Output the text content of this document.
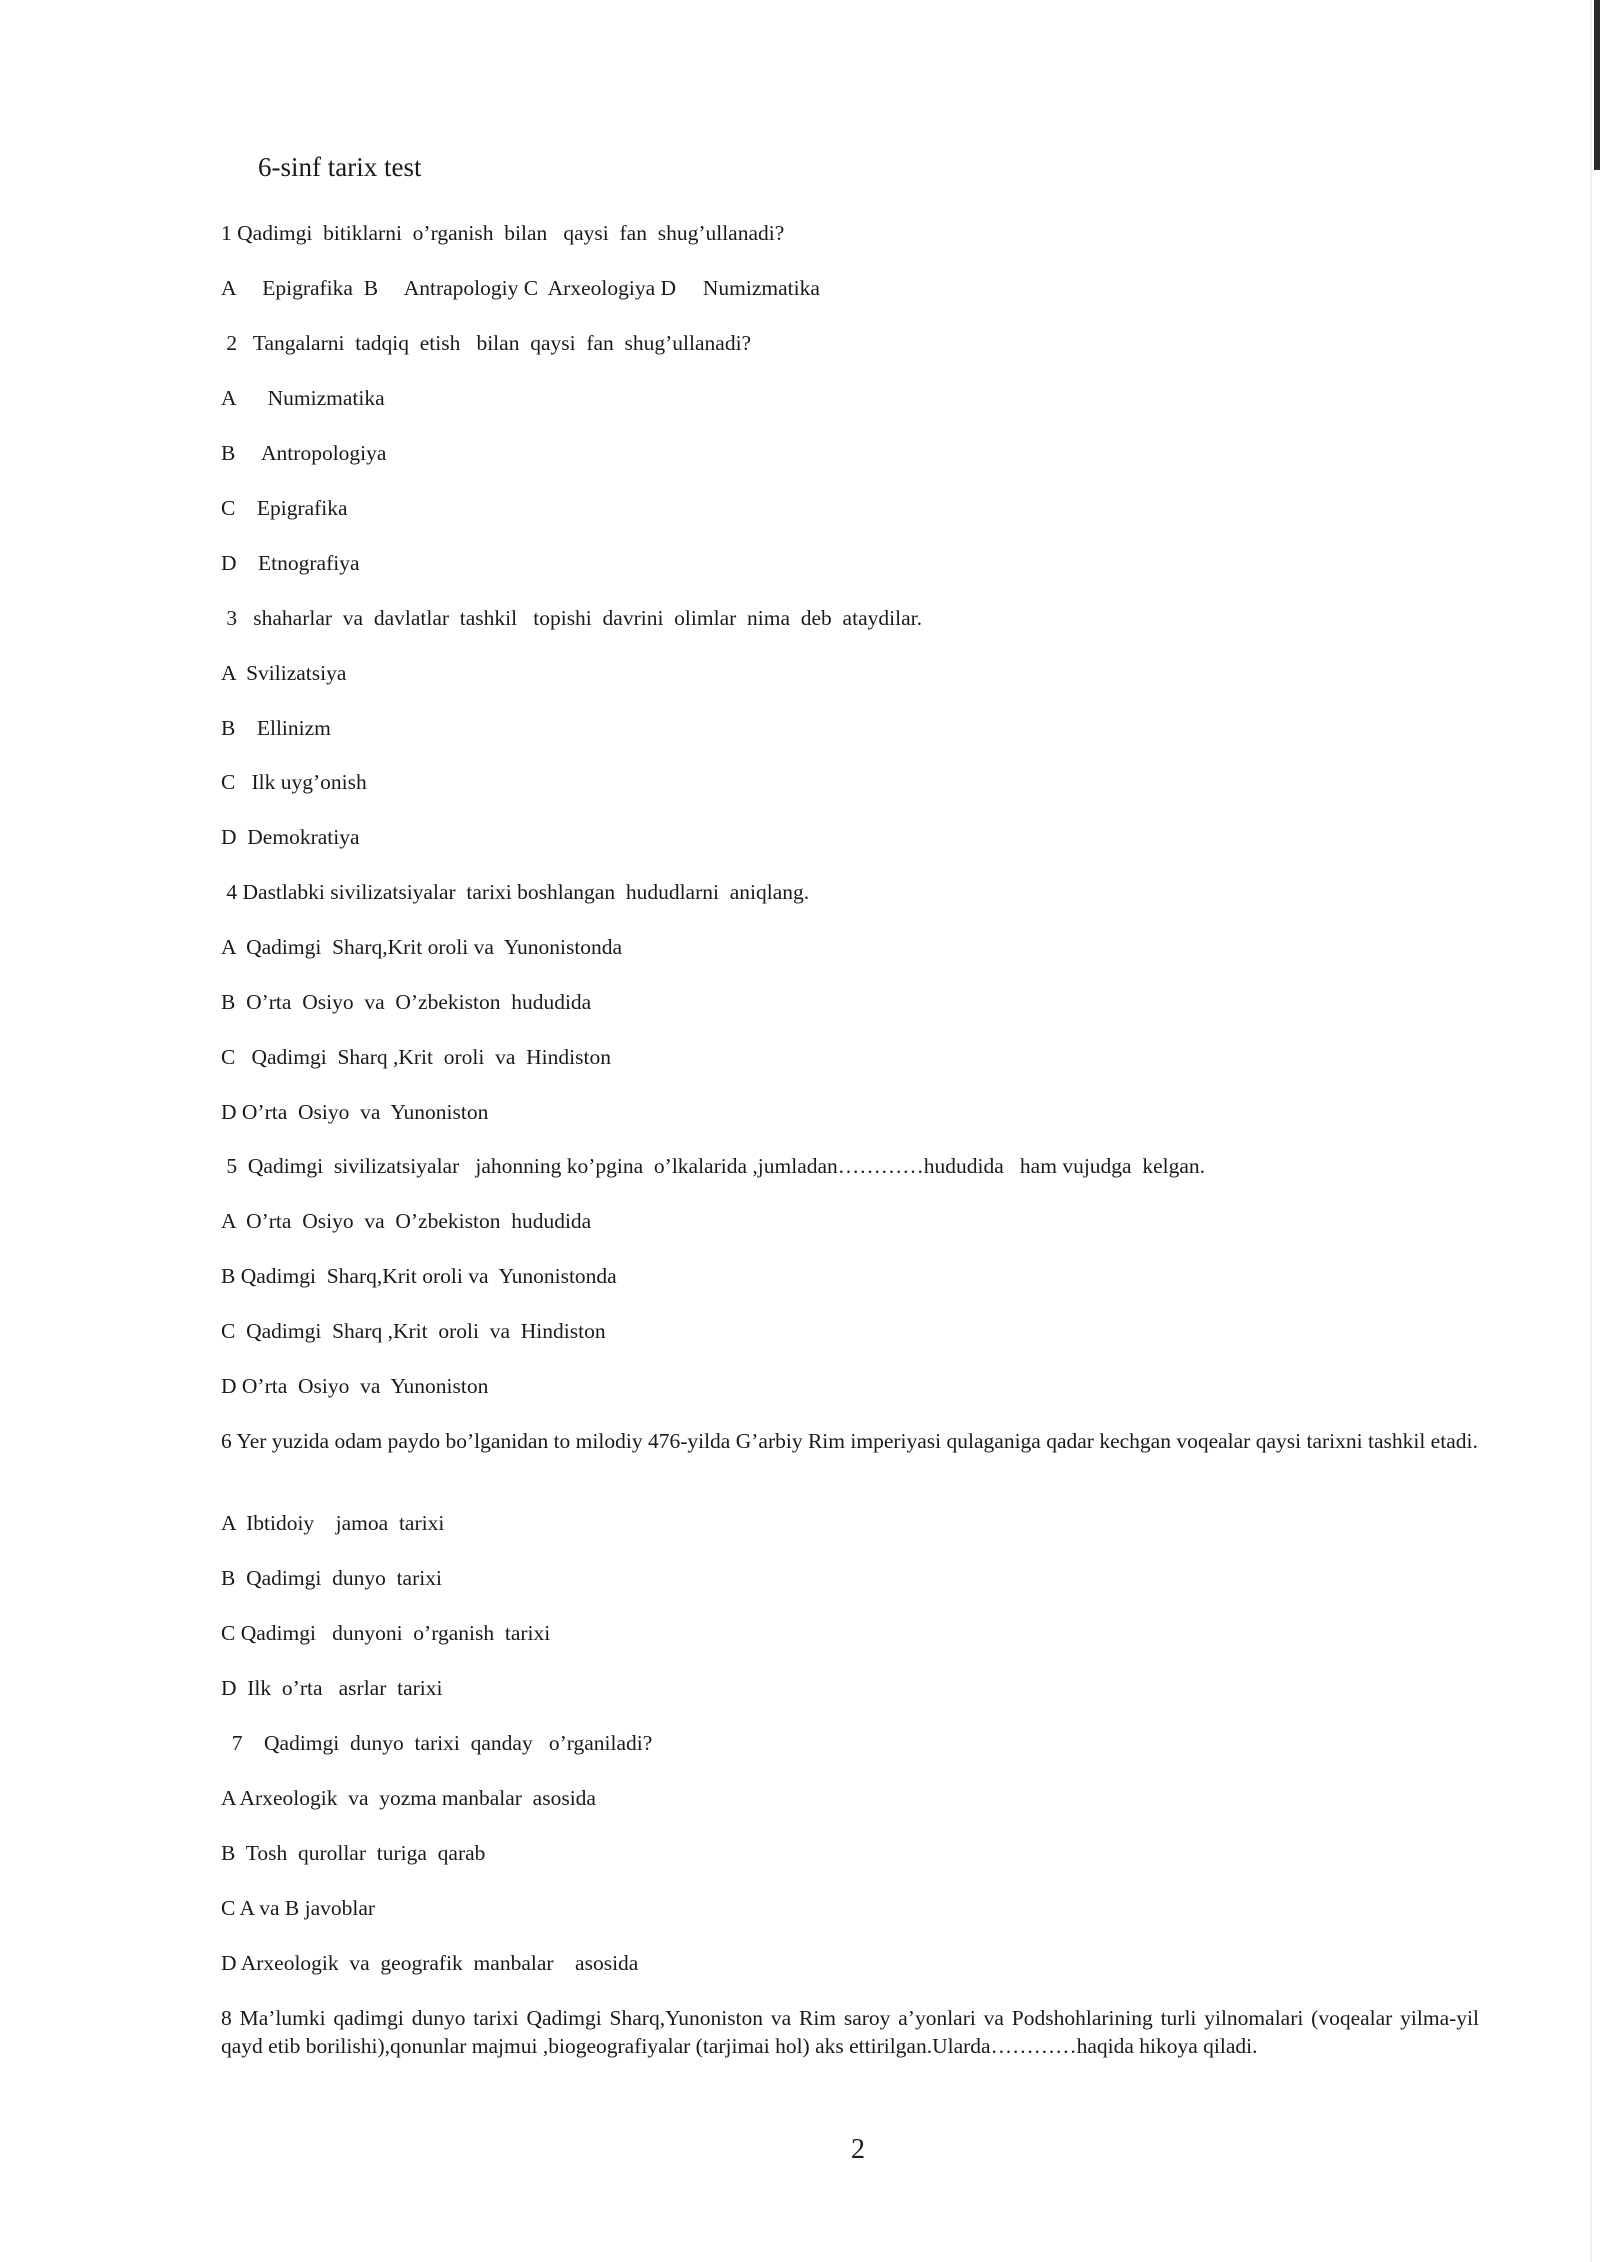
6-sinf tarix test
1 Qadimgi  bitiklarni  o’rganish  bilan   qaysi  fan  shug’ullanadi?
A     Epigrafika  B     Antrapologiy C  Arxeologiya D     Numizmatika
2   Tangalarni  tadqiq  etish   bilan  qaysi  fan  shug’ullanadi?
A      Numizmatika
B     Antropologiya
C    Epigrafika
D    Etnografiya
3   shaharlar  va  davlatlar  tashkil   topishi  davrini  olimlar  nima  deb  ataydilar.
A  Svilizatsiya
B    Ellinizm
C   Ilk uyg’onish
D  Demokratiya
4 Dastlabki sivilizatsiyalar  tarixi boshlangan  hududlarni  aniqlang.
A  Qadimgi  Sharq,Krit oroli va  Yunonistonda
B  O’rta  Osiyo  va  O’zbekiston  hududida
C   Qadimgi  Sharq ,Krit  oroli  va  Hindiston
D O’rta  Osiyo  va  Yunoniston
5  Qadimgi  sivilizatsiyalar   jahonning ko’pgina  o’lkalarida ,jumladan…………hududida   ham vujudga  kelgan.
A  O’rta  Osiyo  va  O’zbekiston  hududida
B Qadimgi  Sharq,Krit oroli va  Yunonistonda
C  Qadimgi  Sharq ,Krit  oroli  va  Hindiston
D O’rta  Osiyo  va  Yunoniston
6 Yer yuzida odam paydo bo’lganidan to milodiy 476-yilda G’arbiy Rim imperiyasi qulaganiga qadar kechgan voqealar qaysi tarixni tashkil etadi.
A  Ibtidoiy    jamoa  tarixi
B  Qadimgi  dunyo  tarixi
C Qadimgi   dunyoni  o’rganish  tarixi
D  Ilk  o’rta   asrlar  tarixi
7    Qadimgi  dunyo  tarixi  qanday   o’rganiladi?
A Arxeologik  va  yozma manbalar  asosida
B  Tosh  qurollar  turiga  qarab
C A va B javoblar
D Arxeologik  va  geografik  manbalar    asosida
8 Ma’lumki qadimgi dunyo tarixi Qadimgi Sharq,Yunoniston va Rim saroy a’yonlari va Podshohlarining turli yilnomalari (voqealar yilma-yil qayd etib borilishi),qonunlar majmui ,biogeografiyalar (tarjimai hol) aks ettirilgan.Ularda…………haqida hikoya qiladi.
2
